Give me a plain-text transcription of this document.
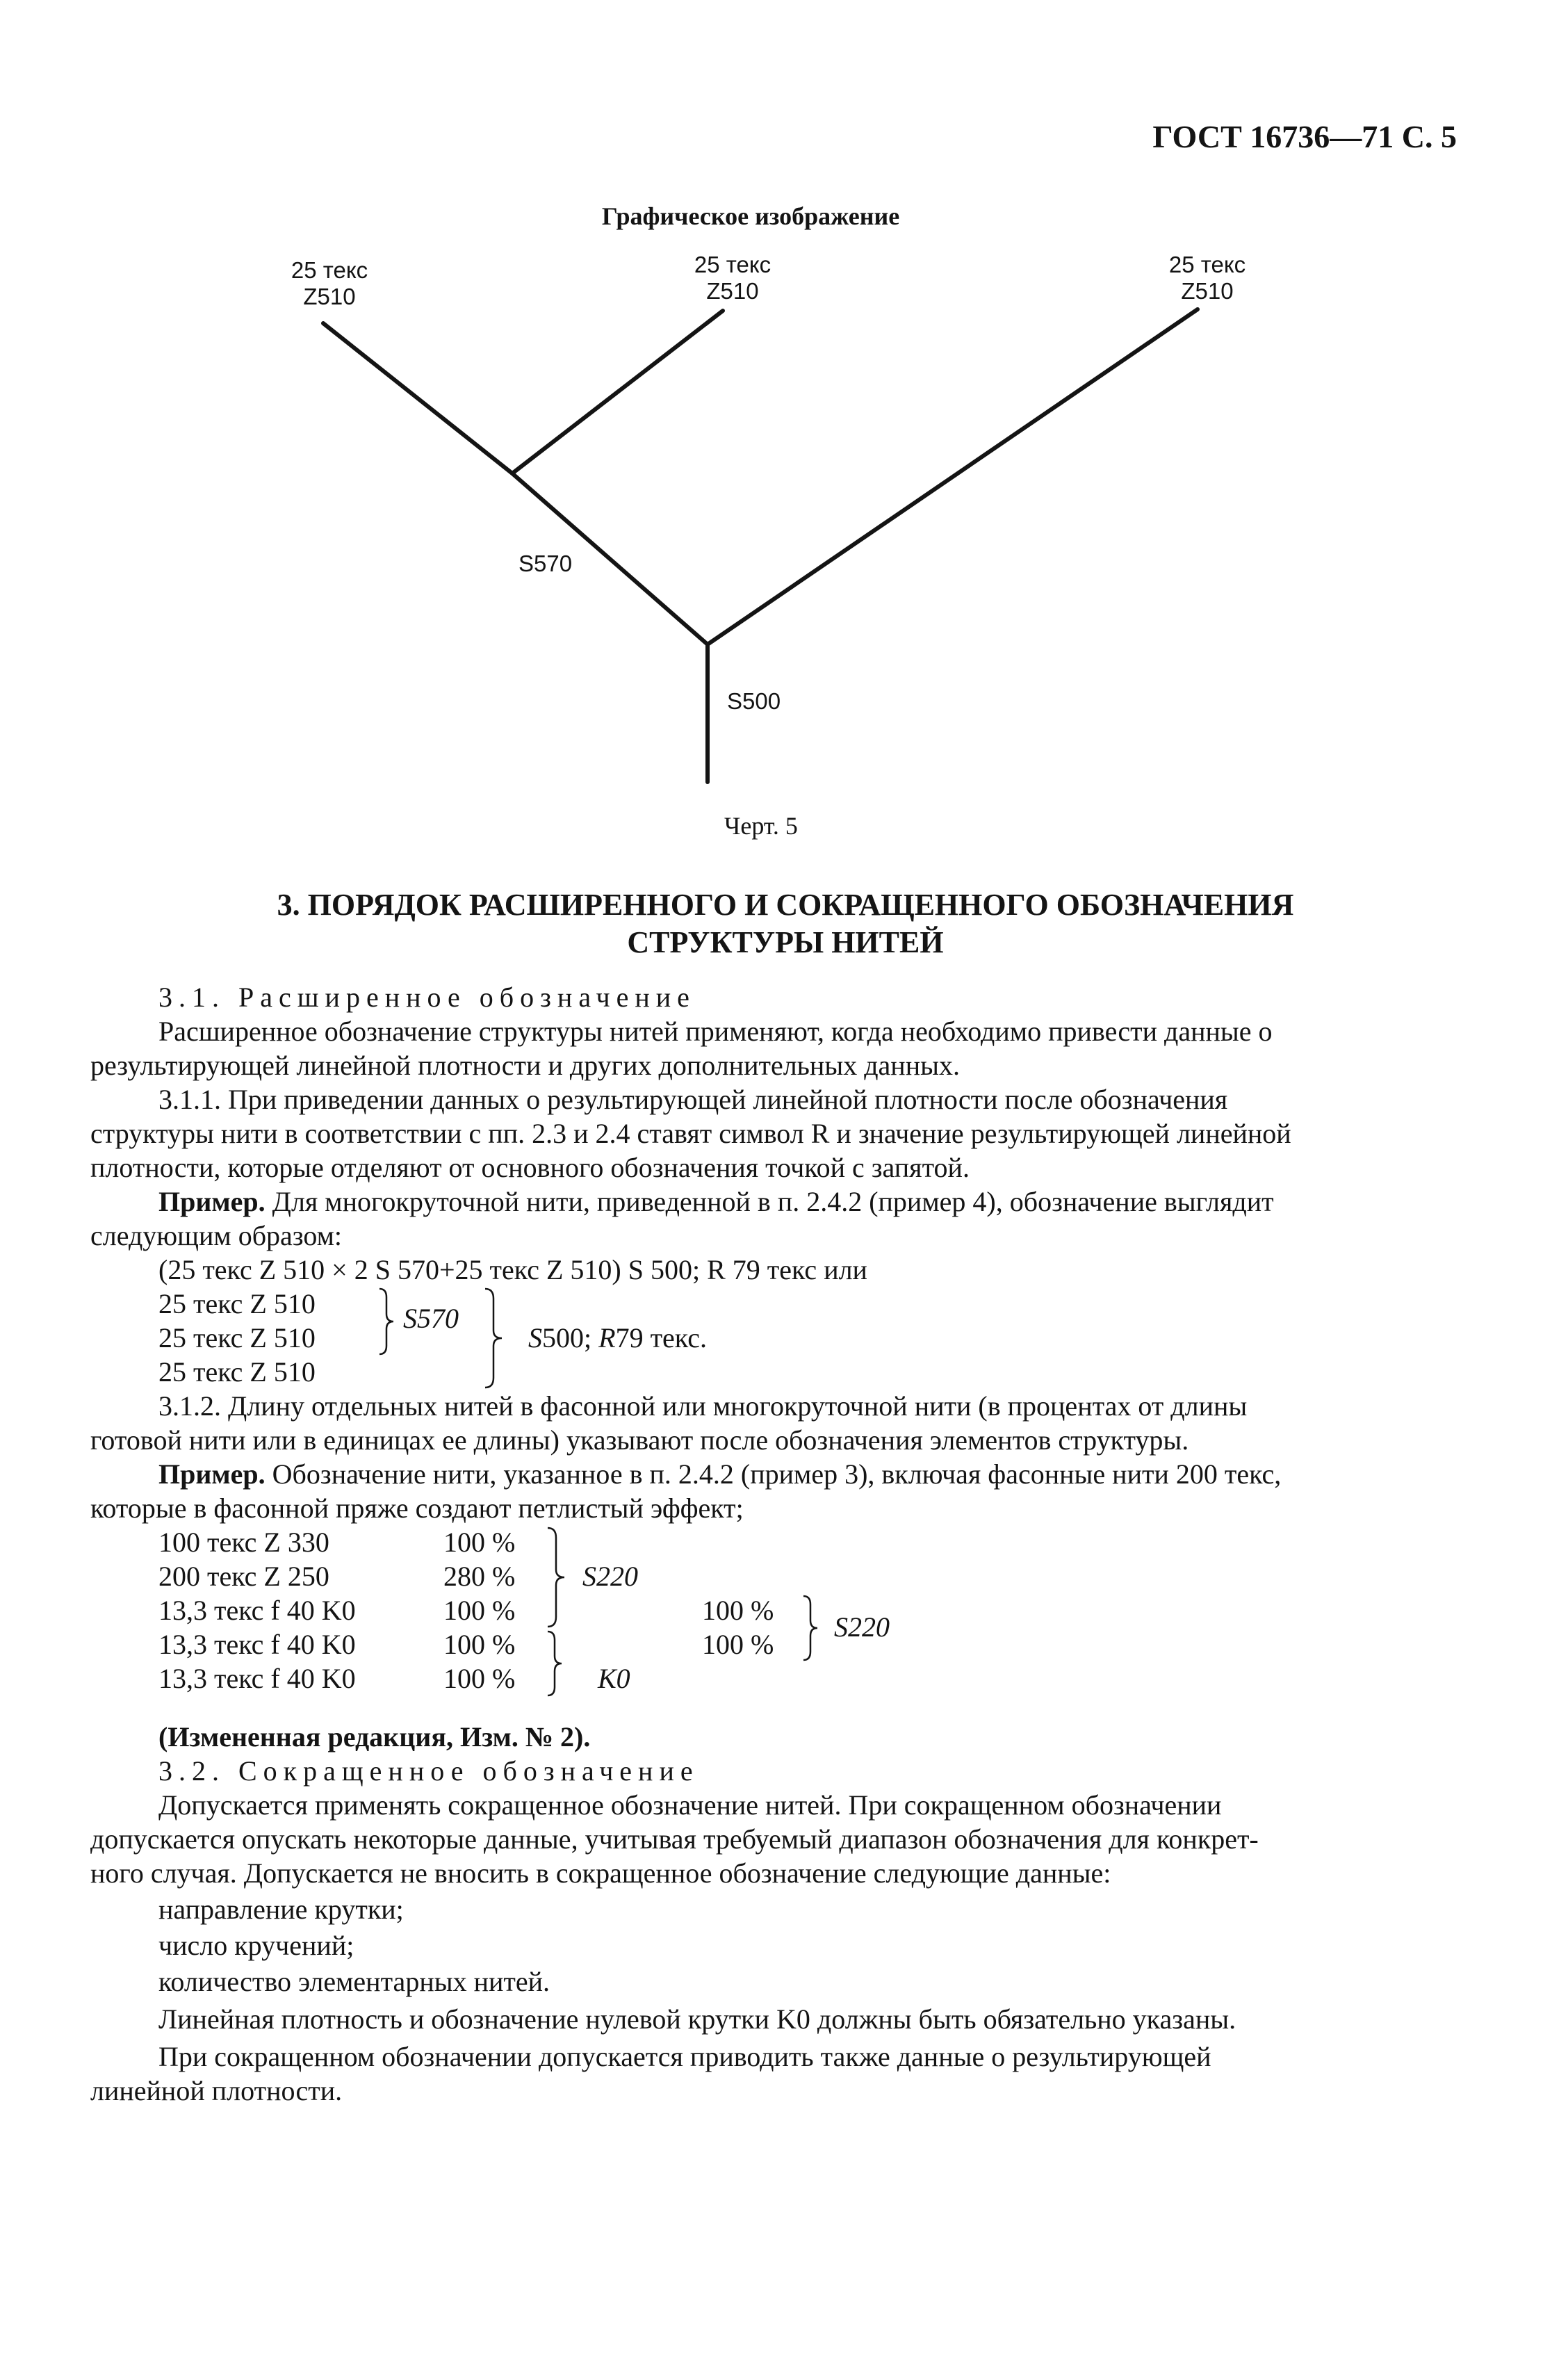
ГОСТ 16736—71 С. 5
Графическое изображение
25 текс
Z510
25 текс
Z510
25 текс
Z510
S570
S500
Черт. 5
3. ПОРЯДОК РАСШИРЕННОГО И СОКРАЩЕННОГО ОБОЗНАЧЕНИЯ
СТРУКТУРЫ НИТЕЙ
3.1. Расширенное обозначение
Расширенное обозначение структуры нитей применяют, когда необходимо привести данные о
результирующей линейной плотности и других дополнительных данных.
3.1.1. При приведении данных о результирующей линейной плотности после обозначения
структуры нити в соответствии с пп. 2.3 и 2.4 ставят символ R и значение результирующей линейной
плотности, которые отделяют от основного обозначения точкой с запятой.
Пример. Для многокруточной нити, приведенной в п. 2.4.2 (пример 4), обозначение выглядит
следующим образом:
(25 текс Z 510 × 2 S 570+25 текс Z 510) S 500; R 79 текс или
25 текс Z 510
25 текс Z 510
25 текс Z 510
S570
S500; R79 текс.
3.1.2. Длину отдельных нитей в фасонной или многокруточной нити (в процентах от длины
готовой нити или в единицах ее длины) указывают после обозначения элементов структуры.
Пример. Обозначение нити, указанное в п. 2.4.2 (пример 3), включая фасонные нити 200 текс,
которые в фасонной пряже создают петлистый эффект;
100 текс Z 330
200 текс Z 250
13,3 текс f 40 K0
13,3 текс f 40 K0
13,3 текс f 40 K0
100 %
280 %
100 %
100 %
100 %
S220
K0
100 %
100 %
S220
(Измененная редакция, Изм. № 2).
3.2. Сокращенное обозначение
Допускается применять сокращенное обозначение нитей. При сокращенном обозначении
допускается опускать некоторые данные, учитывая требуемый диапазон обозначения для конкрет-
ного случая. Допускается не вносить в сокращенное обозначение следующие данные:
направление крутки;
число кручений;
количество элементарных нитей.
Линейная плотность и обозначение нулевой крутки K0 должны быть обязательно указаны.
При сокращенном обозначении допускается приводить также данные о результирующей
линейной плотности.
